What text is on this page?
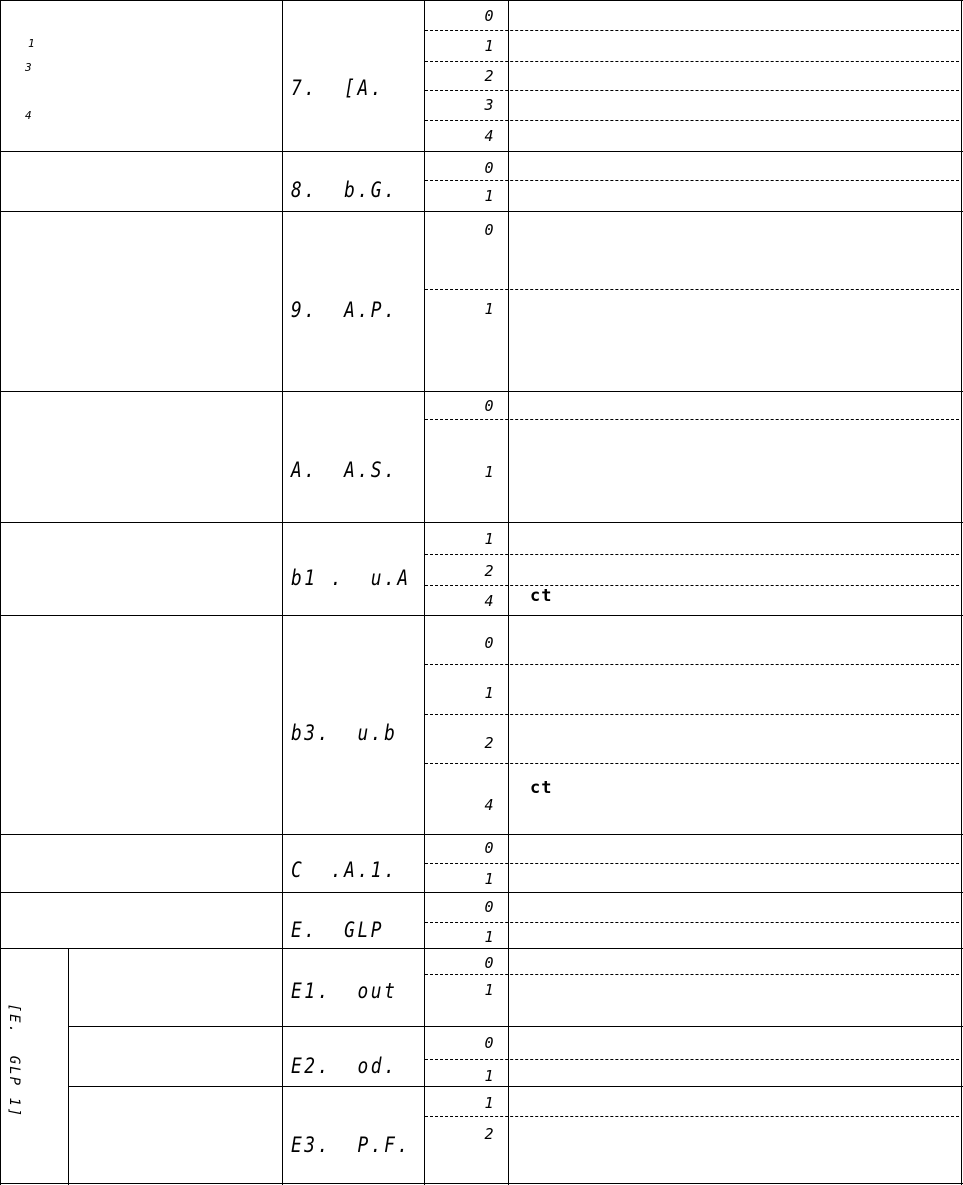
1
3
4
[E.  GLP 1]
7.  [A.
8.  b.G.
9.  A.P.
A.  A.S.
b1 .  u.A
b3.  u.b
C  .A.1.
E.  GLP
E1.  out
E2.  od.
E3.  P.F.
0
1
2
3
4
0
1
0
1
0
1
1
2
4	ct
0
1
2
4
ct
0
1
0
1
0
1
0
1
1
2
